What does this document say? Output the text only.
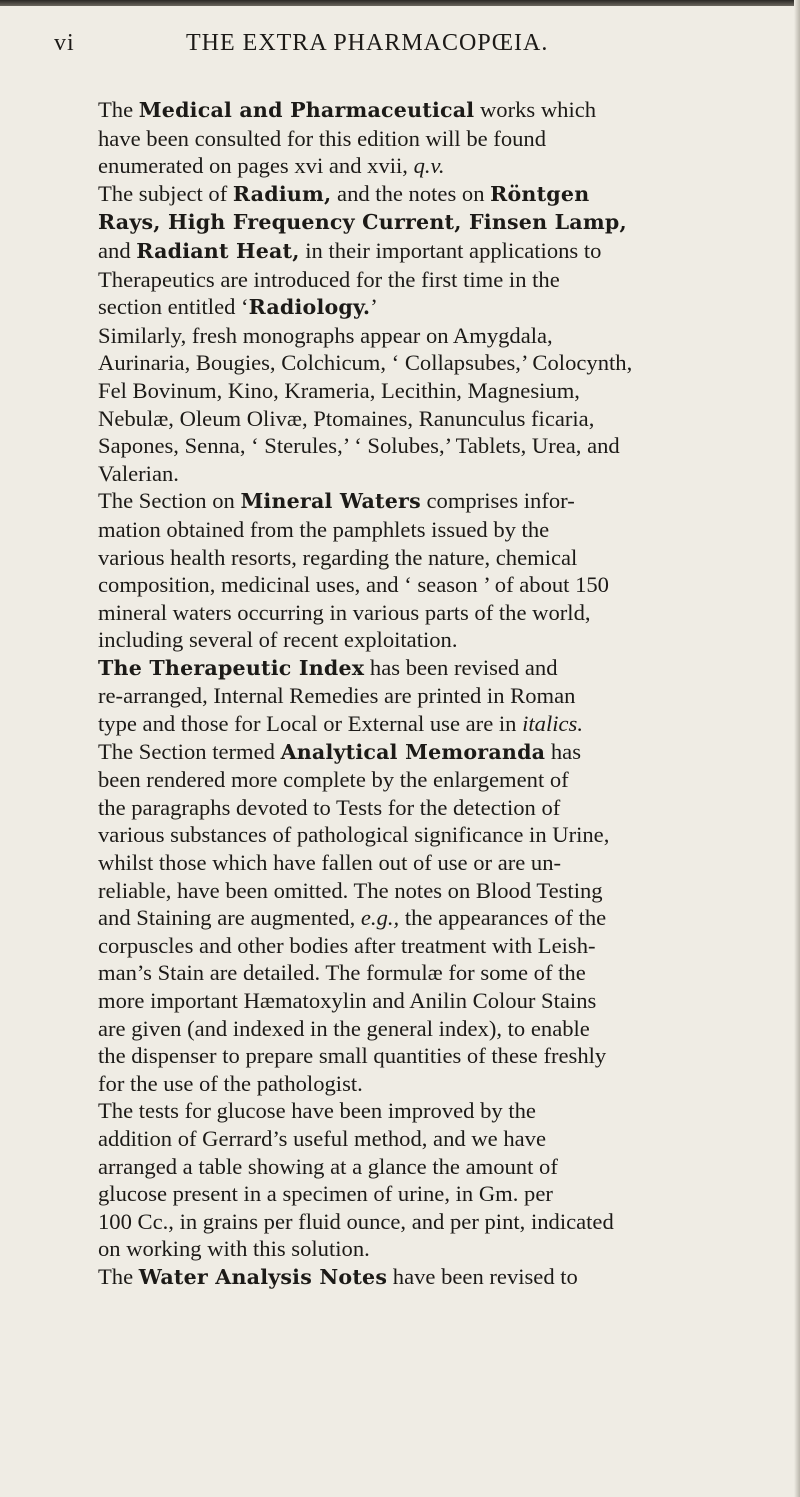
vi	THE EXTRA PHARMACOPŒIA.

The Medical and Pharmaceutical works which
have been consulted for this edition will be found
enumerated on pages xvi and xvii, q.v.

The subject of Radium, and the notes on Röntgen
Rays, High Frequency Current, Finsen Lamp,
and Radiant Heat, in their important applications to
Therapeutics are introduced for the first time in the
section entitled ‘Radiology.’

Similarly, fresh monographs appear on Amygdala,
Aurinaria, Bougies, Colchicum, ‘ Collapsubes,’ Colocynth,
Fel Bovinum, Kino, Krameria, Lecithin, Magnesium,
Nebulæ, Oleum Olivæ, Ptomaines, Ranunculus ficaria,
Sapones, Senna, ‘ Sterules,’ ‘ Solubes,’ Tablets, Urea, and
Valerian.

The Section on Mineral Waters comprises infor-
mation obtained from the pamphlets issued by the
various health resorts, regarding the nature, chemical
composition, medicinal uses, and ‘ season ’ of about 150
mineral waters occurring in various parts of the world,
including several of recent exploitation.

The Therapeutic Index has been revised and
re-arranged, Internal Remedies are printed in Roman
type and those for Local or External use are in italics.

The Section termed Analytical Memoranda has
been rendered more complete by the enlargement of
the paragraphs devoted to Tests for the detection of
various substances of pathological significance in Urine,
whilst those which have fallen out of use or are un-
reliable, have been omitted. The notes on Blood Testing
and Staining are augmented, e.g., the appearances of the
corpuscles and other bodies after treatment with Leish-
man’s Stain are detailed. The formulæ for some of the
more important Hæmatoxylin and Anilin Colour Stains
are given (and indexed in the general index), to enable
the dispenser to prepare small quantities of these freshly
for the use of the pathologist.

The tests for glucose have been improved by the
addition of Gerrard’s useful method, and we have
arranged a table showing at a glance the amount of
glucose present in a specimen of urine, in Gm. per
100 Cc., in grains per fluid ounce, and per pint, indicated
on working with this solution.

The Water Analysis Notes have been revised to
